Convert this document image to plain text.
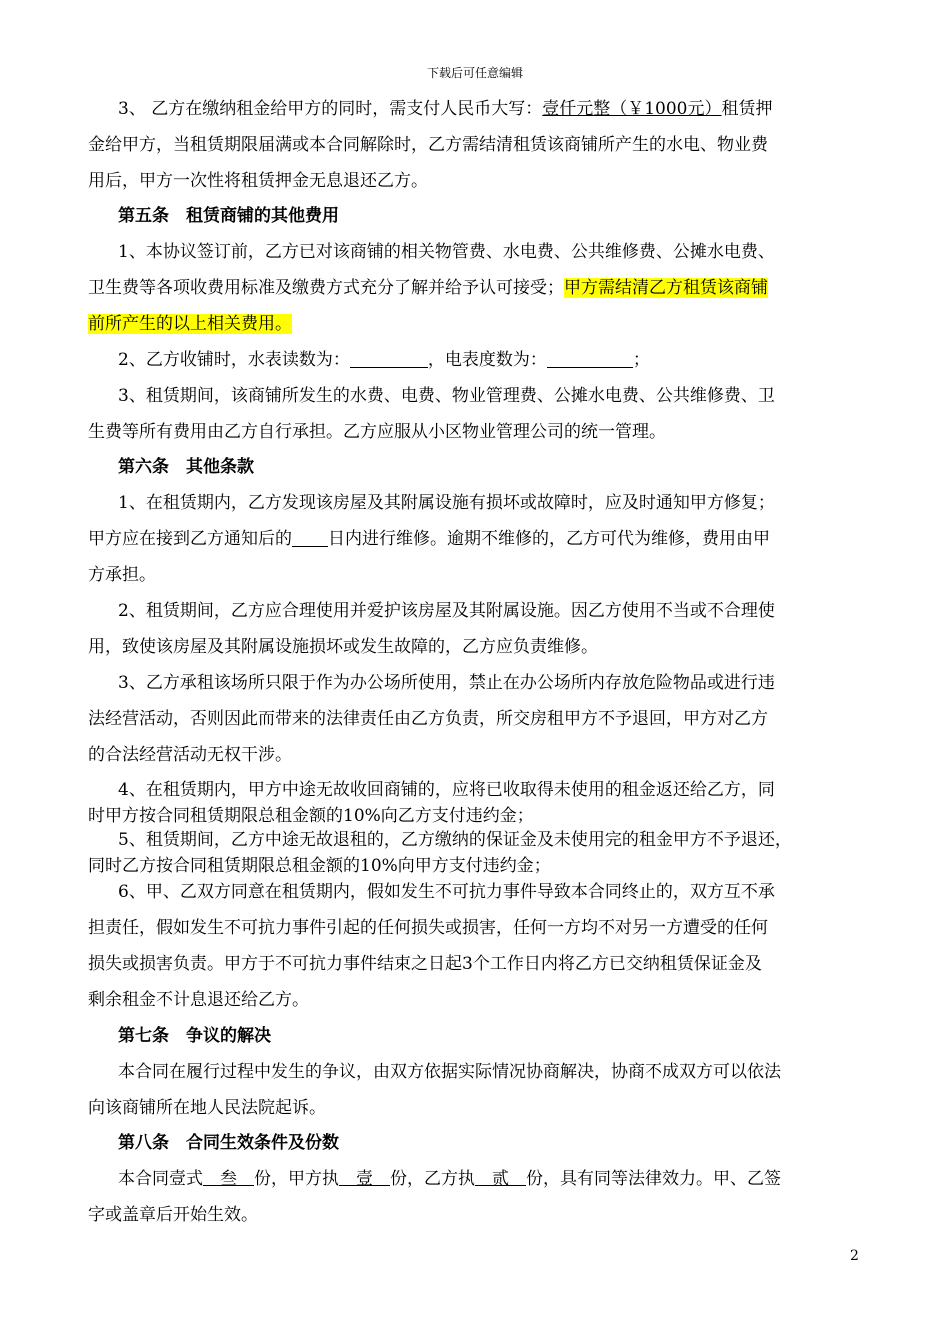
下载后可任意编辑
3、 乙方在缴纳租金给甲方的同时，需支付人民币大写：壹仟元整（￥1000元）租赁押
金给甲方，当租赁期限届满或本合同解除时，乙方需结清租赁该商铺所产生的水电、物业费
用后，甲方一次性将租赁押金无息退还乙方。
第五条　租赁商铺的其他费用
1、本协议签订前，乙方已对该商铺的相关物管费、水电费、公共维修费、公摊水电费、
卫生费等各项收费用标准及缴费方式充分了解并给予认可接受；甲方需结清乙方租赁该商铺
前所产生的以上相关费用。
2、乙方收铺时，水表读数为：	，电表度数为：	；
3、租赁期间，该商铺所发生的水费、电费、物业管理费、公摊水电费、公共维修费、卫
生费等所有费用由乙方自行承担。乙方应服从小区物业管理公司的统一管理。
第六条　其他条款
1、在租赁期内，乙方发现该房屋及其附属设施有损坏或故障时，应及时通知甲方修复；
甲方应在接到乙方通知后的 日内进行维修。逾期不维修的，乙方可代为维修，费用由甲
方承担。
2、租赁期间，乙方应合理使用并爱护该房屋及其附属设施。因乙方使用不当或不合理使
用，致使该房屋及其附属设施损坏或发生故障的，乙方应负责维修。
3、乙方承租该场所只限于作为办公场所使用，禁止在办公场所内存放危险物品或进行违
法经营活动，否则因此而带来的法律责任由乙方负责，所交房租甲方不予退回，甲方对乙方
的合法经营活动无权干涉。
4、在租赁期内，甲方中途无故收回商铺的，应将已收取得未使用的租金返还给乙方，同
时甲方按合同租赁期限总租金额的10%向乙方支付违约金；
5、租赁期间，乙方中途无故退租的，乙方缴纳的保证金及未使用完的租金甲方不予退还，
同时乙方按合同租赁期限总租金额的10%向甲方支付违约金；
6、甲、乙双方同意在租赁期内，假如发生不可抗力事件导致本合同终止的，双方互不承
担责任，假如发生不可抗力事件引起的任何损失或损害，任何一方均不对另一方遭受的任何
损失或损害负责。甲方于不可抗力事件结束之日起3个工作日内将乙方已交纳租赁保证金及
剩余租金不计息退还给乙方。
第七条　争议的解决
本合同在履行过程中发生的争议，由双方依据实际情况协商解决，协商不成双方可以依法
向该商铺所在地人民法院起诉。
第八条　合同生效条件及份数
本合同壹式　叁　份，甲方执　壹　份，乙方执　贰　份，具有同等法律效力。甲、乙签
字或盖章后开始生效。
2
